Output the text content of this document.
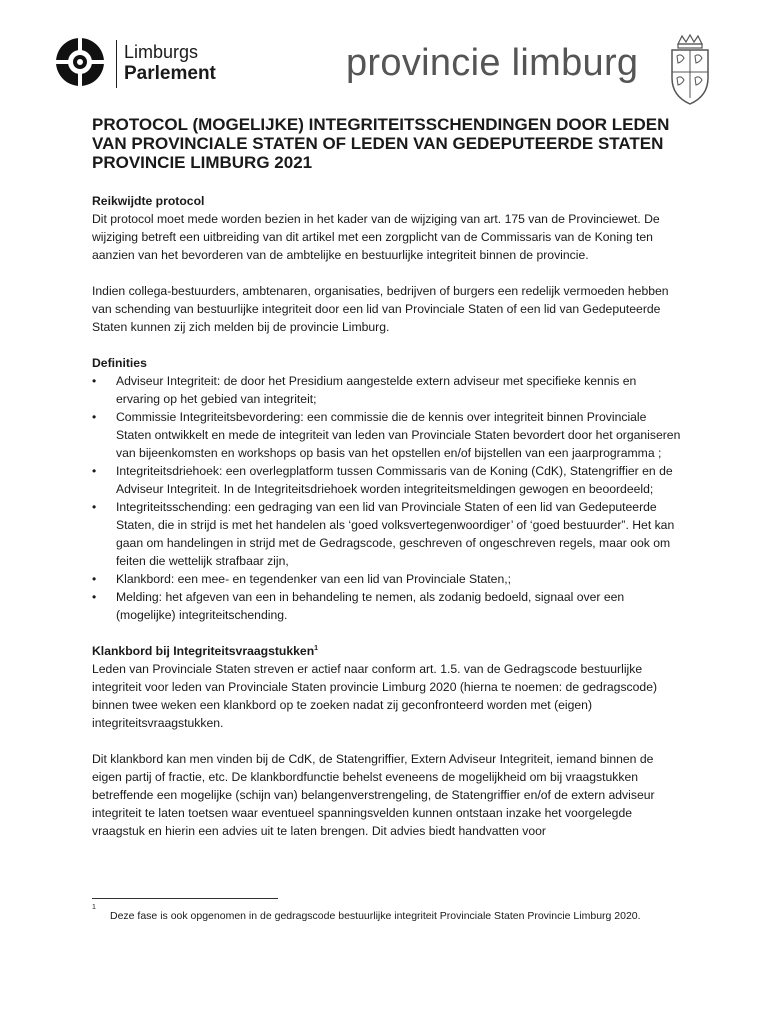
Limburgs
Parlement	provincie limburg
PROTOCOL (MOGELIJKE) INTEGRITEITSSCHENDINGEN DOOR LEDEN VAN PROVINCIALE STATEN OF LEDEN VAN GEDEPUTEERDE STATEN PROVINCIE LIMBURG 2021
Reikwijdte protocol

Dit protocol moet mede worden bezien in het kader van de wijziging van art. 175 van de Provinciewet. De wijziging betreft een uitbreiding van dit artikel met een zorgplicht van de Commissaris van de Koning ten aanzien van het bevorderen van de ambtelijke en bestuurlijke integriteit binnen de provincie.

Indien collega-bestuurders, ambtenaren, organisaties, bedrijven of burgers een redelijk vermoeden hebben van schending van bestuurlijke integriteit door een lid van Provinciale Staten of een lid van Gedeputeerde Staten kunnen zij zich melden bij de provincie Limburg.

Definities
• Adviseur Integriteit: de door het Presidium aangestelde extern adviseur met specifieke kennis en ervaring op het gebied van integriteit;
• Commissie Integriteitsbevordering: een commissie die de kennis over integriteit binnen Provinciale Staten ontwikkelt en mede de integriteit van leden van Provinciale Staten bevordert door het organiseren van bijeenkomsten en workshops op basis van het opstellen en/of bijstellen van een jaarprogramma ;
• Integriteitsdriehoek: een overlegplatform tussen Commissaris van de Koning (CdK), Statengriffier en de Adviseur Integriteit. In de Integriteitsdriehoek worden integriteitsmeldingen gewogen en beoordeeld;
• Integriteitsschending: een gedraging van een lid van Provinciale Staten of een lid van Gedeputeerde Staten, die in strijd is met het handelen als ‘goed volksvertegenwoordiger’ of ‘goed bestuurder”. Het kan gaan om handelingen in strijd met de Gedragscode, geschreven of ongeschreven regels, maar ook om feiten die wettelijk strafbaar zijn,
• Klankbord: een mee- en tegendenker van een lid van Provinciale Staten,;
• Melding: het afgeven van een in behandeling te nemen, als zodanig bedoeld, signaal over een (mogelijke) integriteitschending.
Klankbord bij Integriteitsvraagstukken$^1$

Leden van Provinciale Staten streven er actief naar conform art. 1.5. van de Gedragscode bestuurlijke integriteit voor leden van Provinciale Staten provincie Limburg 2020 (hierna te noemen: de gedragscode) binnen twee weken een klankbord op te zoeken nadat zij geconfronteerd worden met (eigen) integriteitsvraagstukken.

Dit klankbord kan men vinden bij de CdK, de Statengriffier, Extern Adviseur Integriteit, iemand binnen de eigen partij of fractie, etc. De klankbordfunctie behelst eveneens de mogelijkheid om bij vraagstukken betreffende een mogelijke (schijn van) belangenverstrengeling, de Statengriffier en/of de extern adviseur integriteit te laten toetsen waar eventueel spanningsvelden kunnen ontstaan inzake het voorgelegde vraagstuk en hierin een advies uit te laten brengen. Dit advies biedt handvatten voor

1
Deze fase is ook opgenomen in de gedragscode bestuurlijke integriteit Provinciale Staten Provincie Limburg 2020.
